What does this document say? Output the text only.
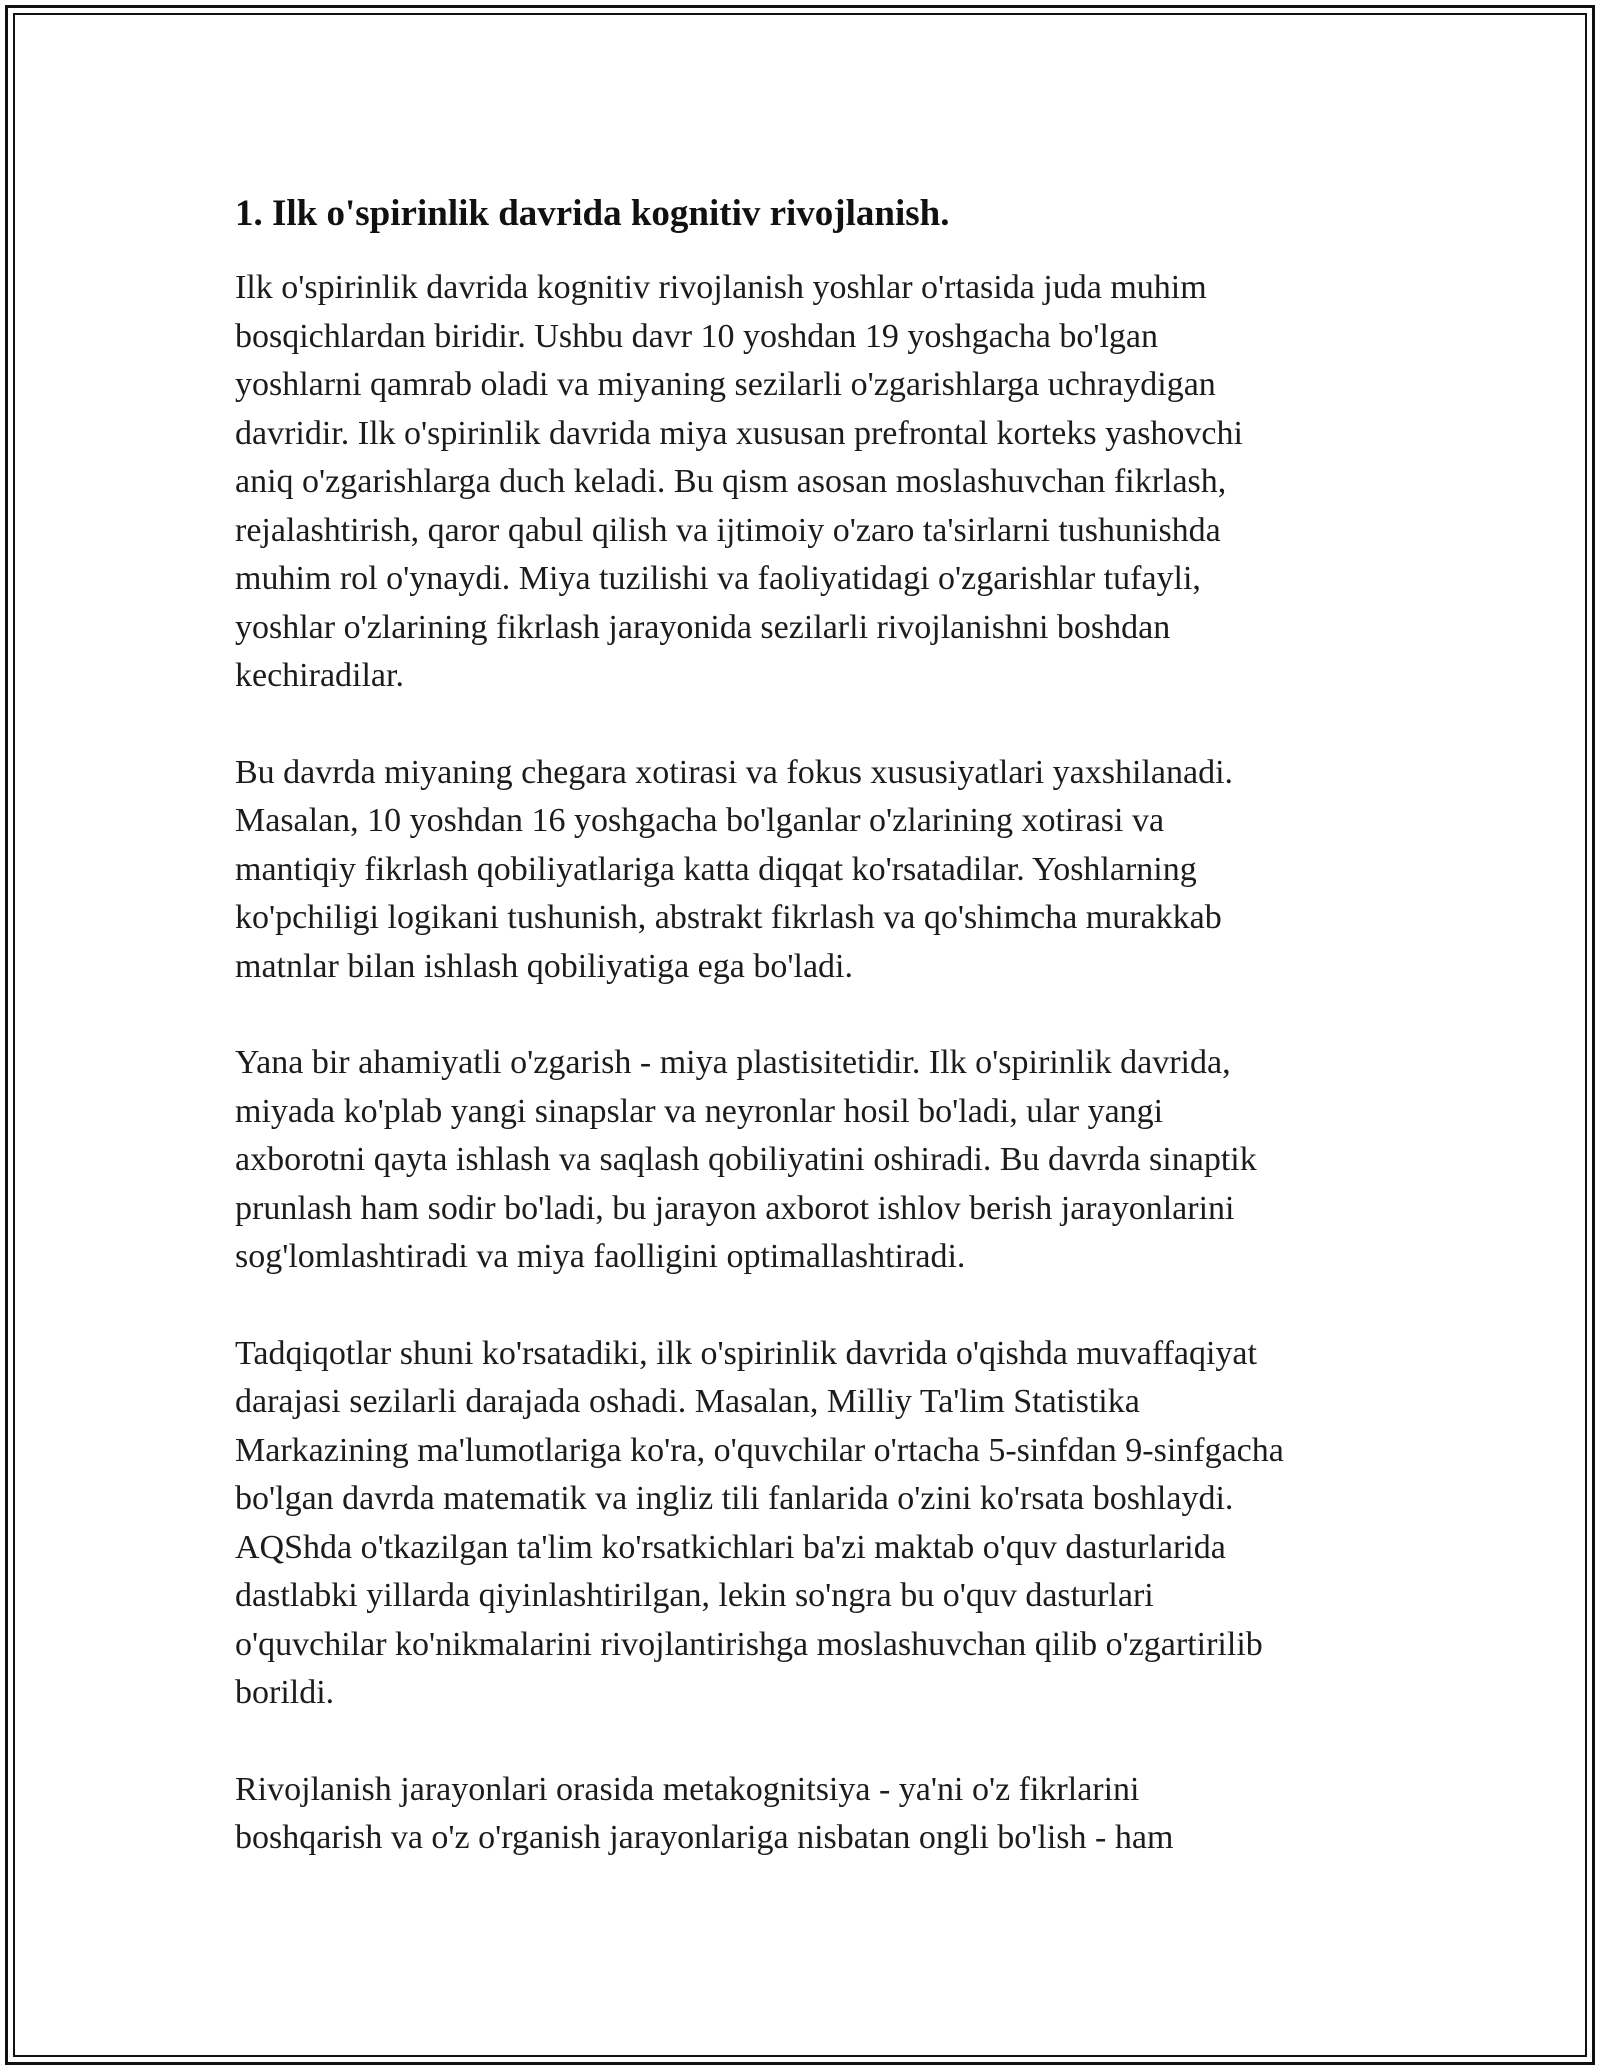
1. Ilk o'spirinlik davrida kognitiv rivojlanish.

Ilk o'spirinlik davrida kognitiv rivojlanish yoshlar o'rtasida juda muhim
bosqichlardan biridir. Ushbu davr 10 yoshdan 19 yoshgacha bo'lgan
yoshlarni qamrab oladi va miyaning sezilarli o'zgarishlarga uchraydigan
davridir. Ilk o'spirinlik davrida miya xususan prefrontal korteks yashovchi
aniq o'zgarishlarga duch keladi. Bu qism asosan moslashuvchan fikrlash,
rejalashtirish, qaror qabul qilish va ijtimoiy o'zaro ta'sirlarni tushunishda
muhim rol o'ynaydi. Miya tuzilishi va faoliyatidagi o'zgarishlar tufayli,
yoshlar o'zlarining fikrlash jarayonida sezilarli rivojlanishni boshdan
kechiradilar.

Bu davrda miyaning chegara xotirasi va fokus xususiyatlari yaxshilanadi.
Masalan, 10 yoshdan 16 yoshgacha bo'lganlar o'zlarining xotirasi va
mantiqiy fikrlash qobiliyatlariga katta diqqat ko'rsatadilar. Yoshlarning
ko'pchiligi logikani tushunish, abstrakt fikrlash va qo'shimcha murakkab
matnlar bilan ishlash qobiliyatiga ega bo'ladi.

Yana bir ahamiyatli o'zgarish - miya plastisitetidir. Ilk o'spirinlik davrida,
miyada ko'plab yangi sinapslar va neyronlar hosil bo'ladi, ular yangi
axborotni qayta ishlash va saqlash qobiliyatini oshiradi. Bu davrda sinaptik
prunlash ham sodir bo'ladi, bu jarayon axborot ishlov berish jarayonlarini
sog'lomlashtiradi va miya faolligini optimallashtiradi.

Tadqiqotlar shuni ko'rsatadiki, ilk o'spirinlik davrida o'qishda muvaffaqiyat
darajasi sezilarli darajada oshadi. Masalan, Milliy Ta'lim Statistika
Markazining ma'lumotlariga ko'ra, o'quvchilar o'rtacha 5-sinfdan 9-sinfgacha
bo'lgan davrda matematik va ingliz tili fanlarida o'zini ko'rsata boshlaydi.
AQShda o'tkazilgan ta'lim ko'rsatkichlari ba'zi maktab o'quv dasturlarida
dastlabki yillarda qiyinlashtirilgan, lekin so'ngra bu o'quv dasturlari
o'quvchilar ko'nikmalarini rivojlantirishga moslashuvchan qilib o'zgartirilib
borildi.

Rivojlanish jarayonlari orasida metakognitsiya - ya'ni o'z fikrlarini
boshqarish va o'z o'rganish jarayonlariga nisbatan ongli bo'lish - ham
